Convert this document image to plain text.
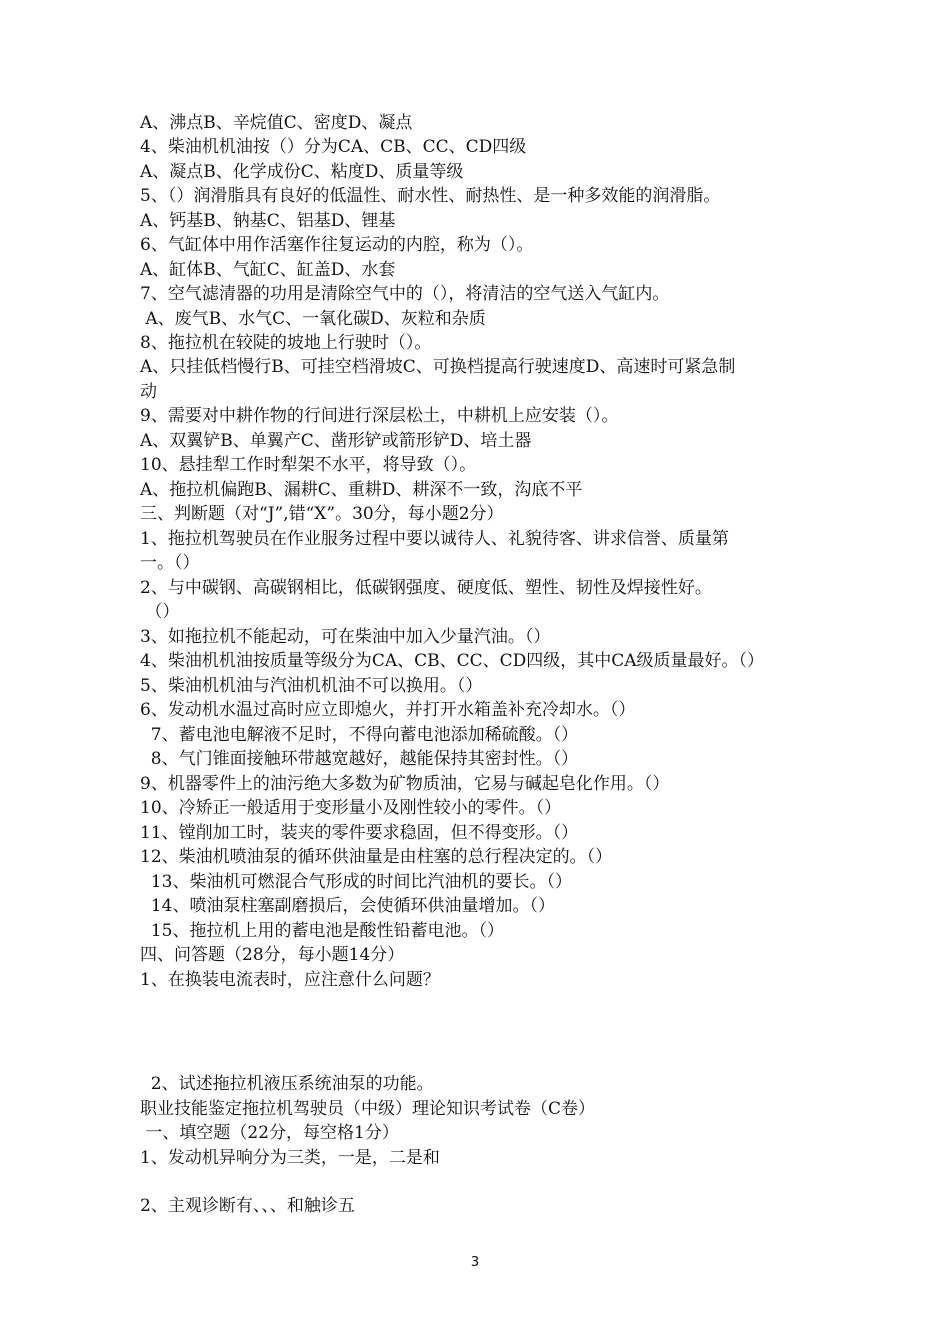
A、沸点B、辛烷值C、密度D、凝点
4、柴油机机油按（）分为CA、CB、CC、CD四级
A、凝点B、化学成份C、粘度D、质量等级
5、（）润滑脂具有良好的低温性、耐水性、耐热性、是一种多效能的润滑脂。
A、钙基B、钠基C、铝基D、锂基
6、气缸体中用作活塞作往复运动的内腔，称为（）。
A、缸体B、气缸C、缸盖D、水套
7、空气滤清器的功用是清除空气中的（），将清洁的空气送入气缸内。
A、废气B、水气C、一氧化碳D、灰粒和杂质
8、拖拉机在较陡的坡地上行驶时（）。
A、只挂低档慢行B、可挂空档滑坡C、可换档提高行驶速度D、高速时可紧急制
动
9、需要对中耕作物的行间进行深层松土，中耕机上应安装（）。
A、双翼铲B、单翼产C、凿形铲或箭形铲D、培土器
10、悬挂犁工作时犁架不水平，将导致（）。
A、拖拉机偏跑B、漏耕C、重耕D、耕深不一致，沟底不平
三、判断题（对“J”,错“X”。30分，每小题2分）
1、拖拉机驾驶员在作业服务过程中要以诚待人、礼貌待客、讲求信誉、质量第
一。（）
2、与中碳钢、高碳钢相比，低碳钢强度、硬度低、塑性、韧性及焊接性好。
（）
3、如拖拉机不能起动，可在柴油中加入少量汽油。（）
4、柴油机机油按质量等级分为CA、CB、CC、CD四级，其中CA级质量最好。（）
5、柴油机机油与汽油机机油不可以换用。（）
6、发动机水温过高时应立即熄火，并打开水箱盖补充冷却水。（）
7、蓄电池电解液不足时，不得向蓄电池添加稀硫酸。（）
8、气门锥面接触环带越宽越好，越能保持其密封性。（）
9、机器零件上的油污绝大多数为矿物质油，它易与碱起皂化作用。（）
10、冷矫正一般适用于变形量小及刚性较小的零件。（）
11、镗削加工时，装夹的零件要求稳固，但不得变形。（）
12、柴油机喷油泵的循环供油量是由柱塞的总行程决定的。（）
13、柴油机可燃混合气形成的时间比汽油机的要长。（）
14、喷油泵柱塞副磨损后，会使循环供油量增加。（）
15、拖拉机上用的蓄电池是酸性铅蓄电池。（）
四、问答题（28分，每小题14分）
1、在换装电流表时，应注意什么问题？
2、试述拖拉机液压系统油泵的功能。
职业技能鉴定拖拉机驾驶员（中级）理论知识考试卷（C卷）
一、填空题（22分，每空格1分）
1、发动机异响分为三类，一是，二是和
2、主观诊断有、、、和触诊五
3
